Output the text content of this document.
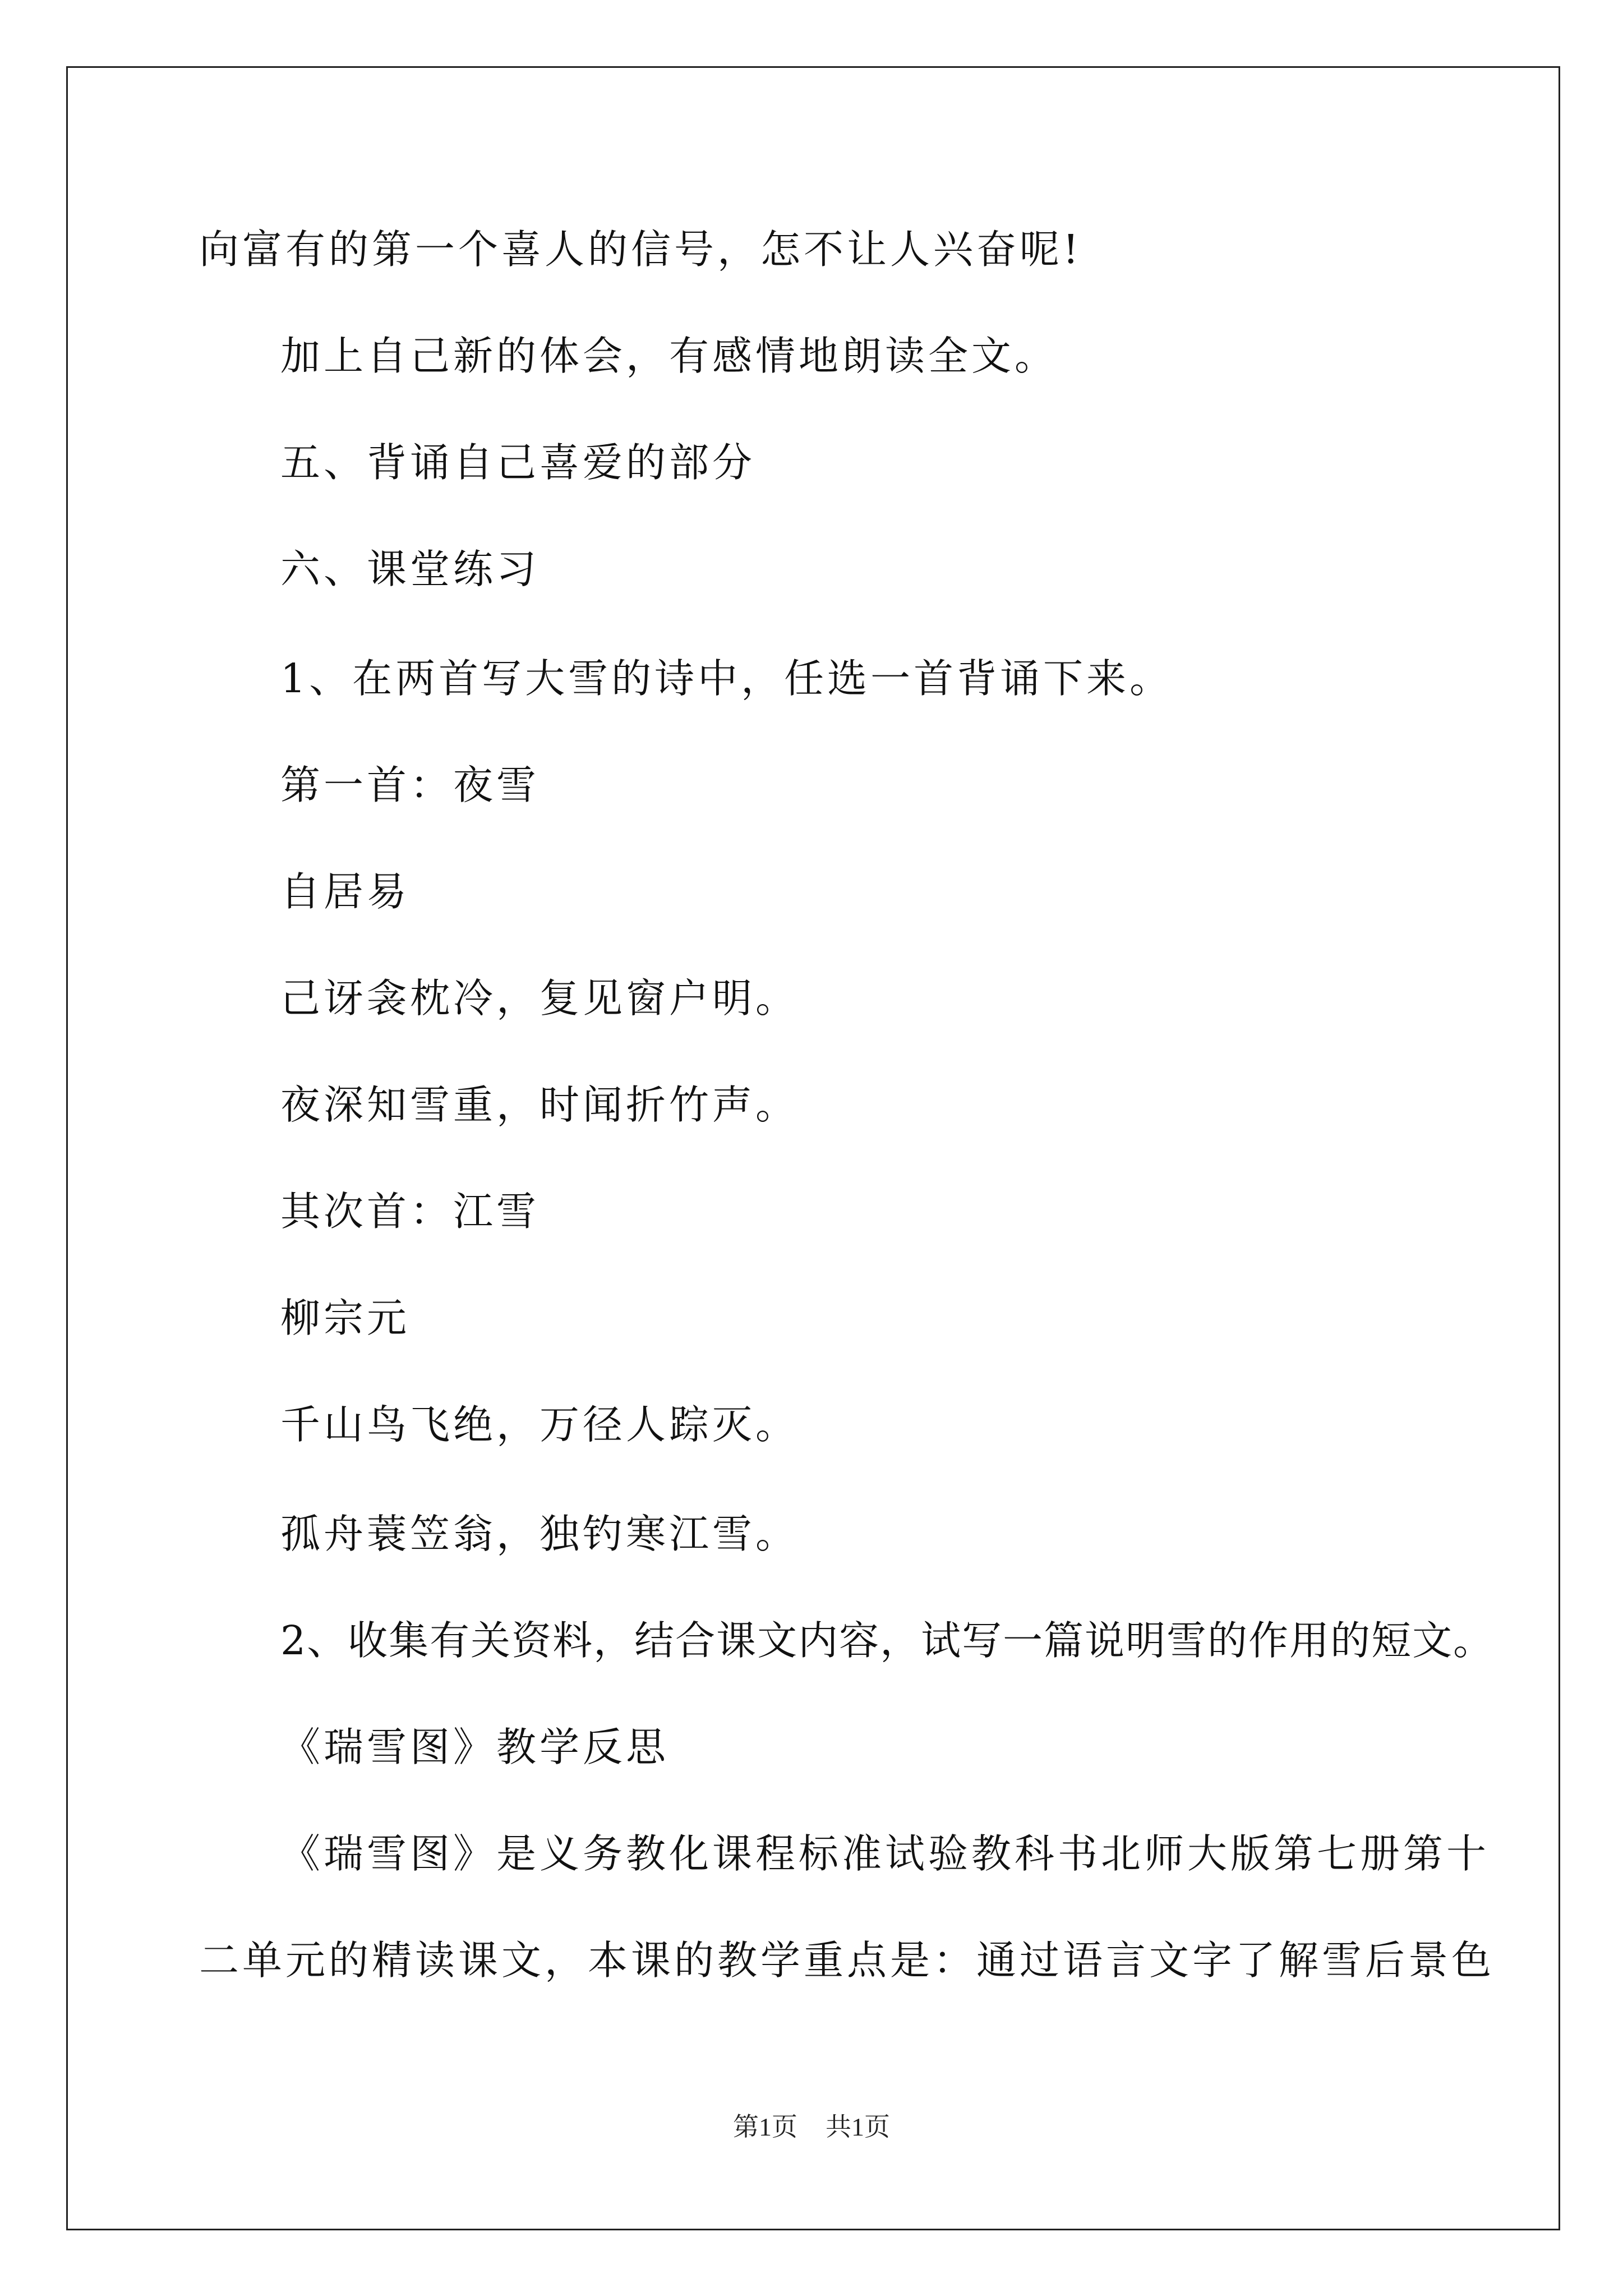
向富有的第一个喜人的信号，怎不让人兴奋呢!
加上自己新的体会，有感情地朗读全文。
五、背诵自己喜爱的部分
六、课堂练习
1、在两首写大雪的诗中，任选一首背诵下来。
第一首：夜雪
自居易
己讶衾枕冷，复见窗户明。
夜深知雪重，时闻折竹声。
其次首：江雪
柳宗元
千山鸟飞绝，万径人踪灭。
孤舟蓑笠翁，独钓寒江雪。
2、收集有关资料，结合课文内容，试写一篇说明雪的作用的短文。
《瑞雪图》教学反思
《瑞雪图》是义务教化课程标准试验教科书北师大版第七册第十
二单元的精读课文，本课的教学重点是：通过语言文字了解雪后景色
第1页 共1页
